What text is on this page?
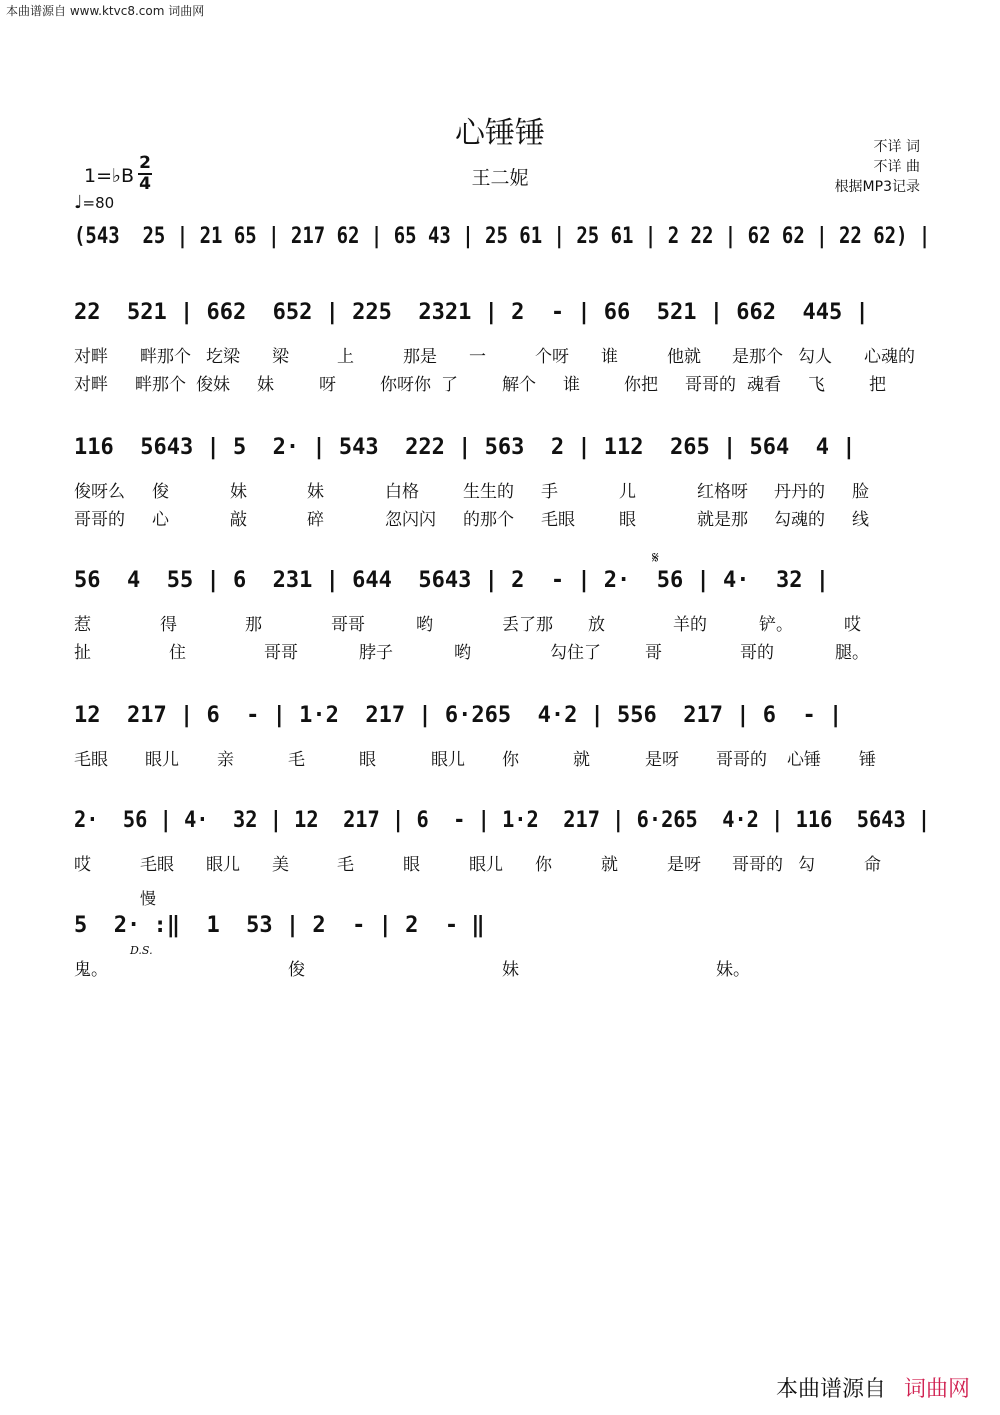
本曲谱源自 www.ktvc8.com 词曲网
心锤锤
王二妮
不详 词
不详 曲
根据MP3记录
1=♭B
2
4
♩=80
𝄋
D.S.
慢
(543  25 | 21 65 | 217 62 | 65 43 | 25 61 | 25 61 | 2 22 | 62 62 | 22 62) |
22  521 | 662  652 | 225  2321 | 2  - | 66  521 | 662  445 |
对畔 畔那个 圪梁 梁	上	那是 一	个呀 谁	他就 是那个 勾人 心魂的
对畔 畔那个 俊妹 妹	呀	你呀你 了	解个 谁	你把 哥哥的 魂看 飞	把
116  5643 | 5  2· | 543  222 | 563  2 | 112  265 | 564  4 |
俊呀么 俊	妹	妹	白格	生生的 手	儿	红格呀 丹丹的 脸
哥哥的 心	敲	碎	忽闪闪 的那个 毛眼	眼	就是那 勾魂的 线
56  4  55 | 6  231 | 644  5643 | 2  - | 2·  56 | 4·  32 |
惹	得	那	哥哥	哟	丢了那 放	羊的	铲。	哎
扯	住	哥哥	脖子	哟	勾住了	哥	哥的	腿。
12  217 | 6  - | 1·2  217 | 6·265  4·2 | 556  217 | 6  - |
毛眼 眼儿 亲	毛	眼	眼儿 你	就	是呀 哥哥的 心锤 锤
2·  56 | 4·  32 | 12  217 | 6  - | 1·2  217 | 6·265  4·2 | 116  5643 |
哎	毛眼 眼儿 美	毛	眼	眼儿 你	就	是呀 哥哥的 勾	命
5  2· :‖  1  53 | 2  - | 2  - ‖
鬼。	俊	妹	妹。
本曲谱源自 词曲网
